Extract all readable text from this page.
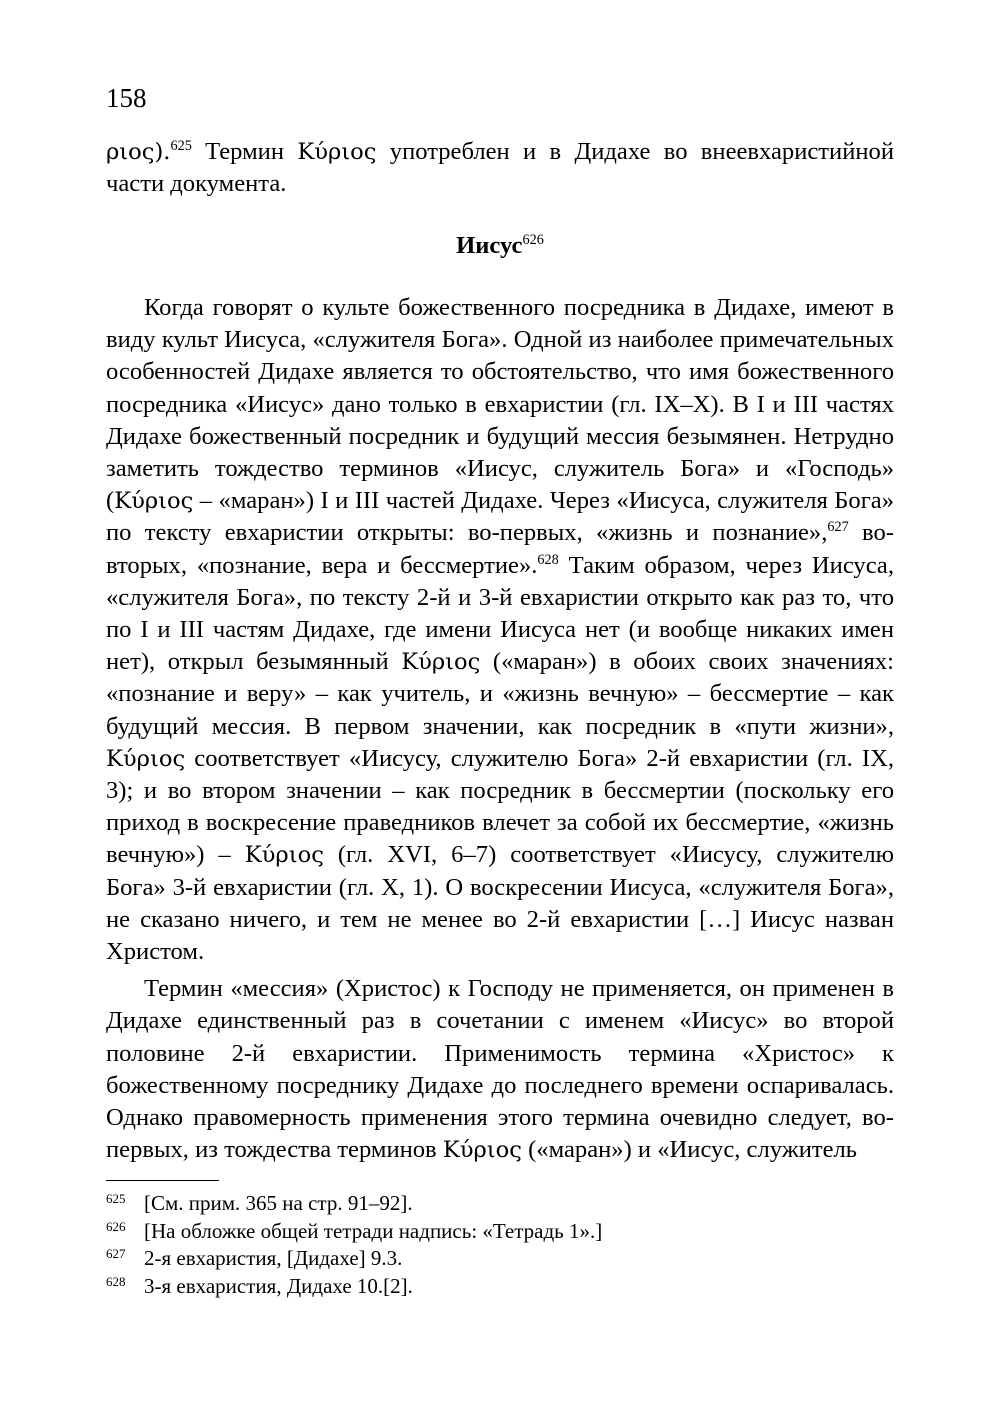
158

ριος).$^{625}$ Термин Κύριος употреблен и в Дидахе во внеевхаристийной части документа.

Иисус$^{626}$

Когда говорят о культе божественного посредника в Дидахе, имеют в виду культ Иисуса, «служителя Бога». Одной из наиболее примечательных особенностей Дидахе является то обстоятельство, что имя божественного посредника «Иисус» дано только в евхаристии (гл. IX–X). В I и III частях Дидахе божественный посредник и будущий мессия безымянен. Нетрудно заметить тождество терминов «Иисус, служитель Бога» и «Господь» (Κύριος – «маран») I и III частей Дидахе. Через «Иисуса, служителя Бога» по тексту евхаристии открыты: во-первых, «жизнь и познание»,$^{627}$ во-вторых, «познание, вера и бессмертие».$^{628}$ Таким образом, через Иисуса, «служителя Бога», по тексту 2-й и 3-й евхаристии открыто как раз то, что по I и III частям Дидахе, где имени Иисуса нет (и вообще никаких имен нет), открыл безымянный Κύριος («маран») в обоих своих значениях: «познание и веру» – как учитель, и «жизнь вечную» – бессмертие – как будущий мессия. В первом значении, как посредник в «пути жизни», Κύριος соответствует «Иисусу, служителю Бога» 2-й евхаристии (гл. IX, 3); и во втором значении – как посредник в бессмертии (поскольку его приход в воскресение праведников влечет за собой их бессмертие, «жизнь вечную») – Κύριος (гл. XVI, 6–7) соответствует «Иисусу, служителю Бога» 3-й евхаристии (гл. X, 1). О воскресении Иисуса, «служителя Бога», не сказано ничего, и тем не менее во 2-й евхаристии […] Иисус назван Христом.

Термин «мессия» (Христос) к Господу не применяется, он применен в Дидахе единственный раз в сочетании с именем «Иисус» во второй половине 2-й евхаристии. Применимость термина «Христос» к божественному посреднику Дидахе до последнего времени оспаривалась. Однако правомерность применения этого термина очевидно следует, во-первых, из тождества терминов Κύριος («маран») и «Иисус, служитель

625 [См. прим. 365 на стр. 91–92].
626 [На обложке общей тетради надпись: «Тетрадь 1».]
627 2-я евхаристия, [Дидахе] 9.3.
628 3-я евхаристия, Дидахе 10.[2].
